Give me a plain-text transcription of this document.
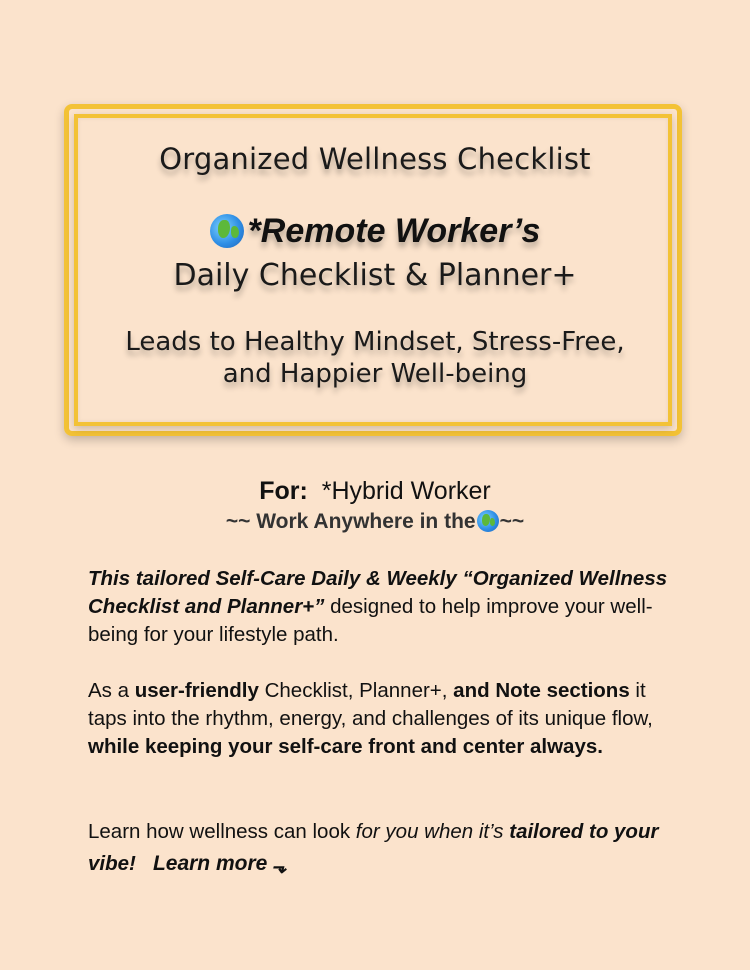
Organized Wellness Checklist
*Remote Worker’s
Daily Checklist & Planner+
Leads to Healthy Mindset, Stress-Free,
and Happier Well-being
For: *Hybrid Worker
~~ Work Anywhere in the ~~
This tailored Self-Care Daily & Weekly “Organized Wellness Checklist and Planner+” designed to help improve your well-being for your lifestyle path.
As a user-friendly Checklist, Planner+, and Note sections it taps into the rhythm, energy, and challenges of its unique flow, while keeping your self-care front and center always.
Learn how wellness can look for you when it’s tailored to your vibe! Learn more ⬎
